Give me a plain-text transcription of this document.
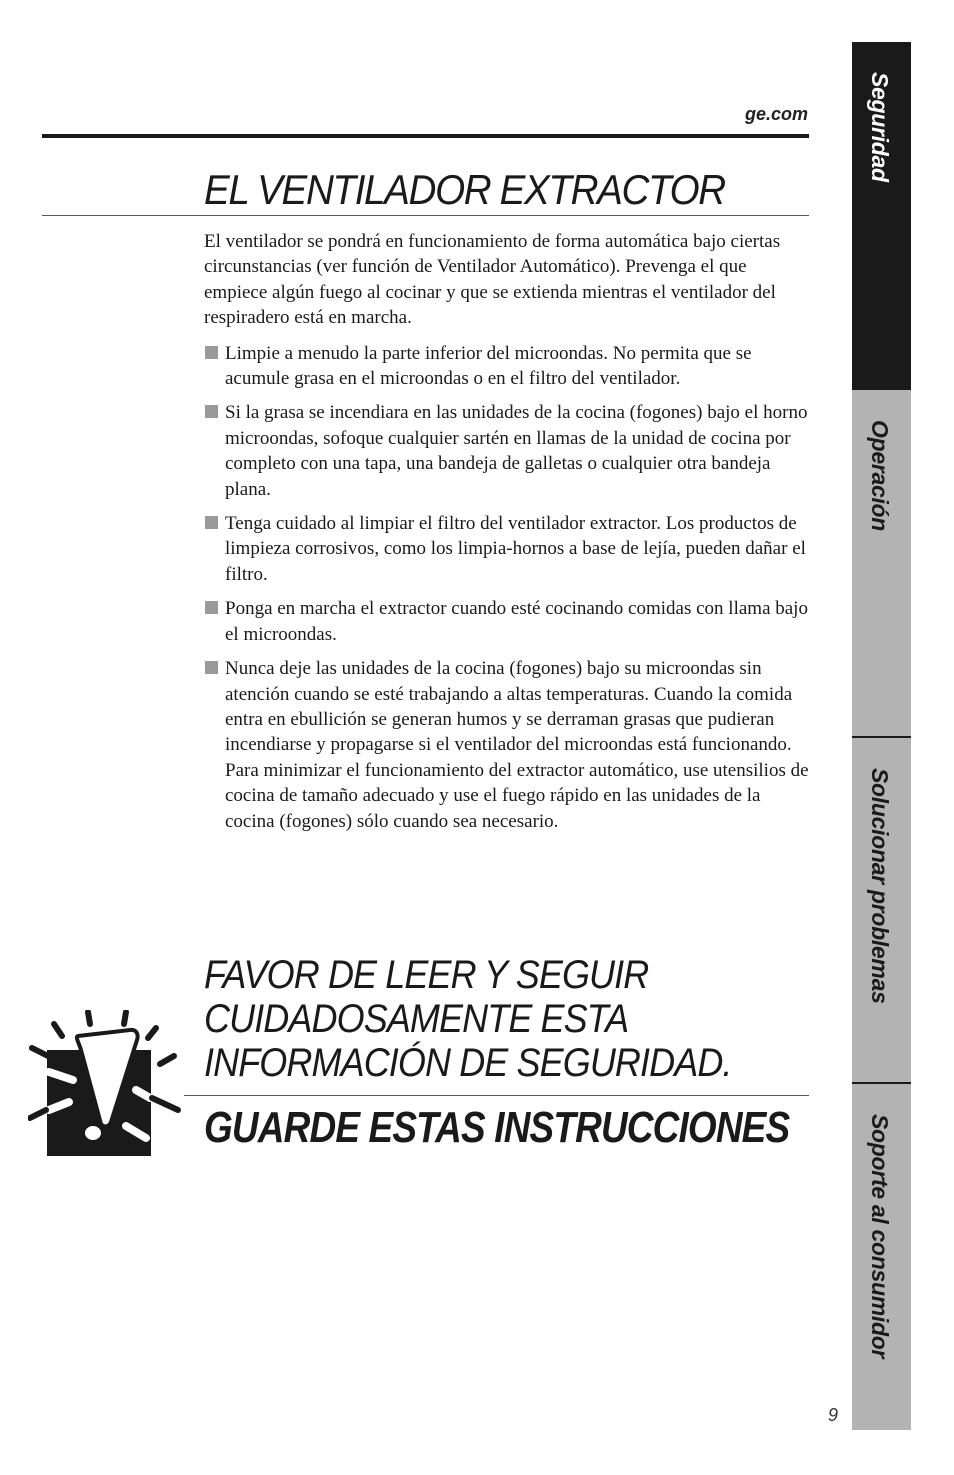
ge.com
EL VENTILADOR EXTRACTOR

El ventilador se pondrá en funcionamiento de forma automática bajo ciertas circunstancias (ver función de Ventilador Automático). Prevenga el que empiece algún fuego al cocinar y que se extienda mientras el ventilador del respiradero está en marcha.

Limpie a menudo la parte inferior del microondas. No permita que se acumule grasa en el microondas o en el filtro del ventilador.
Si la grasa se incendiara en las unidades de la cocina (fogones) bajo el horno microondas, sofoque cualquier sartén en llamas de la unidad de cocina por completo con una tapa, una bandeja de galletas o cualquier otra bandeja plana.
Tenga cuidado al limpiar el filtro del ventilador extractor. Los productos de limpieza corrosivos, como los limpia-hornos a base de lejía, pueden dañar el filtro.
Ponga en marcha el extractor cuando esté cocinando comidas con llama bajo el microondas.
Nunca deje las unidades de la cocina (fogones) bajo su microondas sin atención cuando se esté trabajando a altas temperaturas. Cuando la comida entra en ebullición se generan humos y se derraman grasas que pudieran incendiarse y propagarse si el ventilador del microondas está funcionando. Para minimizar el funcionamiento del extractor automático, use utensilios de cocina de tamaño adecuado y use el fuego rápido en las unidades de la cocina (fogones) sólo cuando sea necesario.
FAVOR DE LEER Y SEGUIR
CUIDADOSAMENTE ESTA
INFORMACIÓN DE SEGURIDAD.
GUARDE ESTAS INSTRUCCIONES
Seguridad
Operación
Solucionar problemas
Soporte al consumidor
9
